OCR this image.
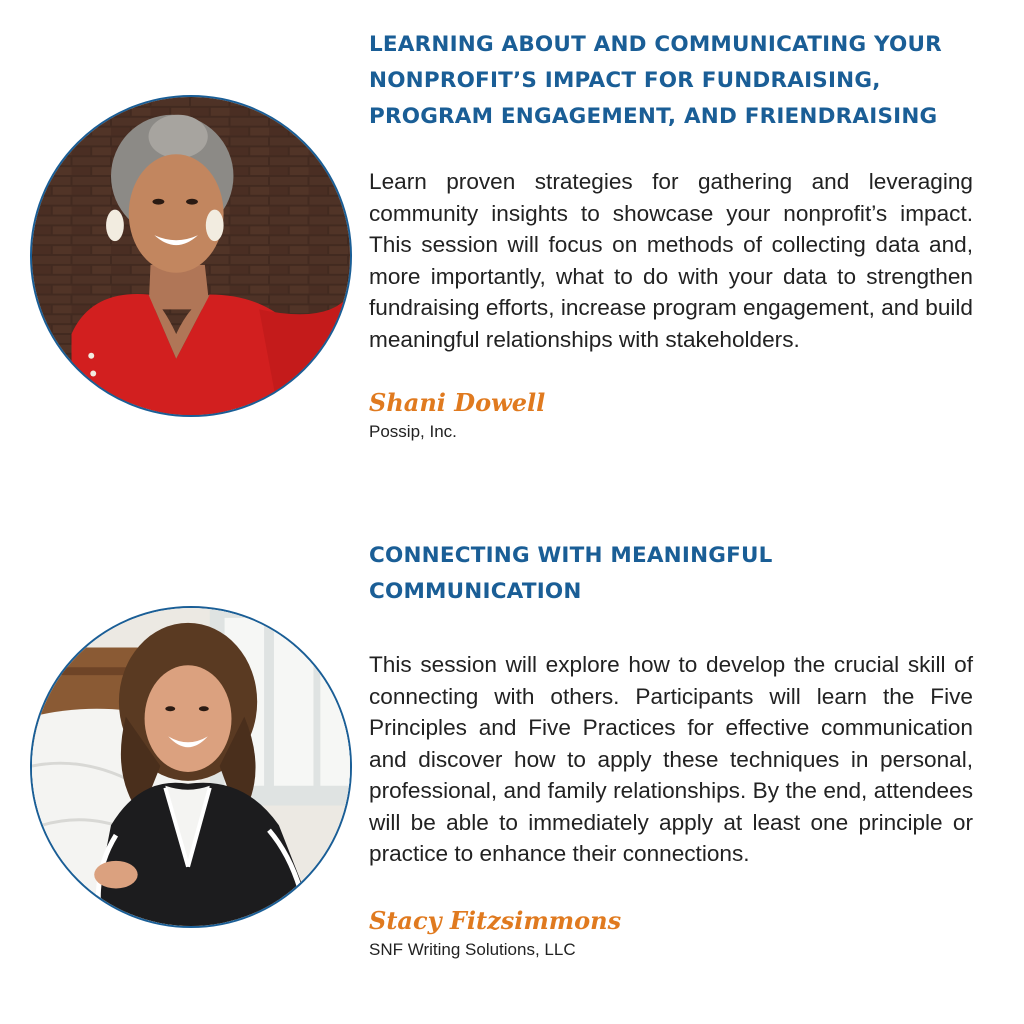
LEARNING ABOUT AND COMMUNICATING YOUR NONPROFIT’S IMPACT FOR FUNDRAISING, PROGRAM ENGAGEMENT, AND FRIENDRAISING

Learn proven strategies for gathering and leveraging community insights to showcase your nonprofit’s impact. This session will focus on methods of collecting data and, more importantly, what to do with your data to strengthen fundraising efforts, increase program engagement, and build meaningful relationships with stakeholders.

Shani Dowell

Possip, Inc.

CONNECTING WITH MEANINGFUL COMMUNICATION

This session will explore how to develop the crucial skill of connecting with others. Participants will learn the Five Principles and Five Practices for effective communication and discover how to apply these techniques in personal, professional, and family relationships. By the end, attendees will be able to immediately apply at least one principle or practice to enhance their connections.

Stacy Fitzsimmons

SNF Writing Solutions, LLC
